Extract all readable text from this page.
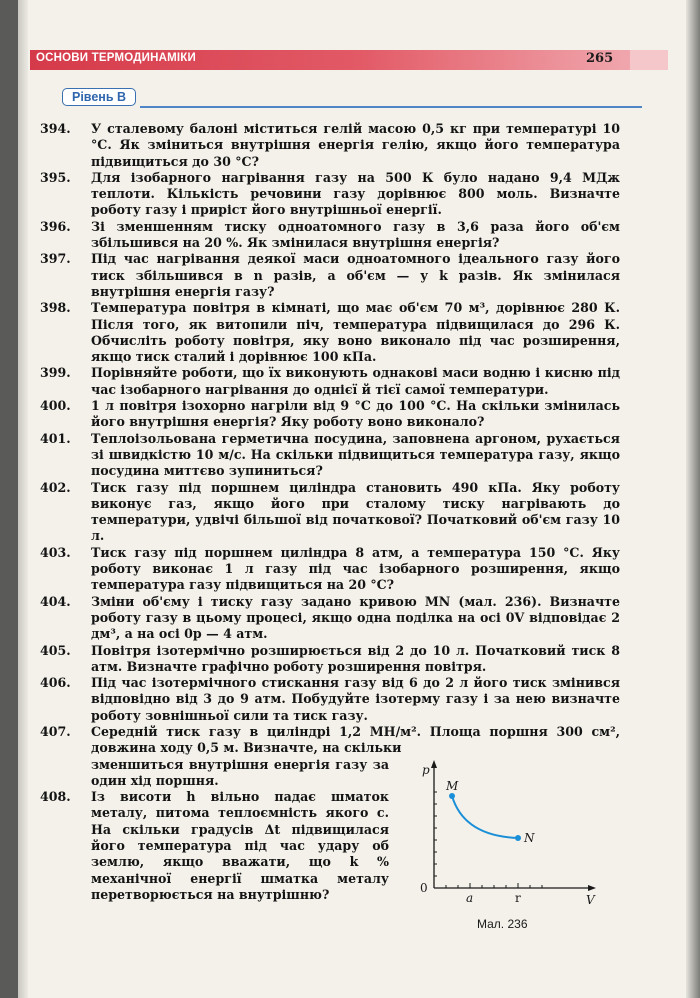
ОСНОВИ ТЕРМОДИНАМІКИ	265
Рівень В
394.	У сталевому балоні міститься гелій масою 0,5 кг при температурі 10 °С. Як зміниться внутрішня енергія гелію, якщо його температура підвищиться до 30 °С?
395.	Для ізобарного нагрівання газу на 500 К було надано 9,4 МДж теплоти. Кількість речовини газу дорівнює 800 моль. Визначте роботу газу і приріст його внутрішньої енергії.
396.	Зі зменшенням тиску одноатомного газу в 3,6 раза його об'єм збільшився на 20 %. Як змінилася внутрішня енергія?
397.	Під час нагрівання деякої маси одноатомного ідеального газу його тиск збільшився в n разів, а об'єм — у k разів. Як змінилася внутрішня енергія газу?
398.	Температура повітря в кімнаті, що має об'єм 70 м³, дорівнює 280 К. Після того, як витопили піч, температура підвищилася до 296 К. Обчисліть роботу повітря, яку воно виконало під час розширення, якщо тиск сталий і дорівнює 100 кПа.
399.	Порівняйте роботи, що їх виконують однакові маси водню і кисню під час ізобарного нагрівання до однієї й тієї самої температури.
400.	1 л повітря ізохорно нагріли від 9 °С до 100 °С. На скільки змінилась його внутрішня енергія? Яку роботу воно виконало?
401.	Теплоізольована герметична посудина, заповнена аргоном, рухається зі швидкістю 10 м/с. На скільки підвищиться температура газу, якщо посудина миттєво зупиниться?
402.	Тиск газу під поршнем циліндра становить 490 кПа. Яку роботу виконує газ, якщо його при сталому тиску нагрівають до температури, удвічі більшої від початкової? Початковий об'єм газу 10 л.
403.	Тиск газу під поршнем циліндра 8 атм, а температура 150 °С. Яку роботу виконає 1 л газу під час ізобарного розширення, якщо температура газу підвищиться на 20 °С?
404.	Зміни об'єму і тиску газу задано кривою MN (мал. 236). Визначте роботу газу в цьому процесі, якщо одна поділка на осі 0V відповідає 2 дм³, а на осі 0p — 4 атм.
405.	Повітря ізотермічно розширюється від 2 до 10 л. Початковий тиск 8 атм. Визначте графічно роботу розширення повітря.
406.	Під час ізотермічного стискання газу від 6 до 2 л його тиск змінився відповідно від 3 до 9 атм. Побудуйте ізотерму газу і за нею визначте роботу зовнішньої сили та тиск газу.
407.	Середній тиск газу в циліндрі 1,2 МН/м². Площа поршня 300 см², довжина ходу 0,5 м. Визначте, на скільки
зменшиться внутрішня енергія газу за один хід поршня.
408.	Із висоти h вільно падає шматок металу, питома теплоємність якого c. На скільки градусів Δt підвищилася його температура під час удару об землю, якщо вважати, що k % механічної енергії шматка металу перетворюється на внутрішню?
p
V
0
a	r
M
N
Мал. 236
